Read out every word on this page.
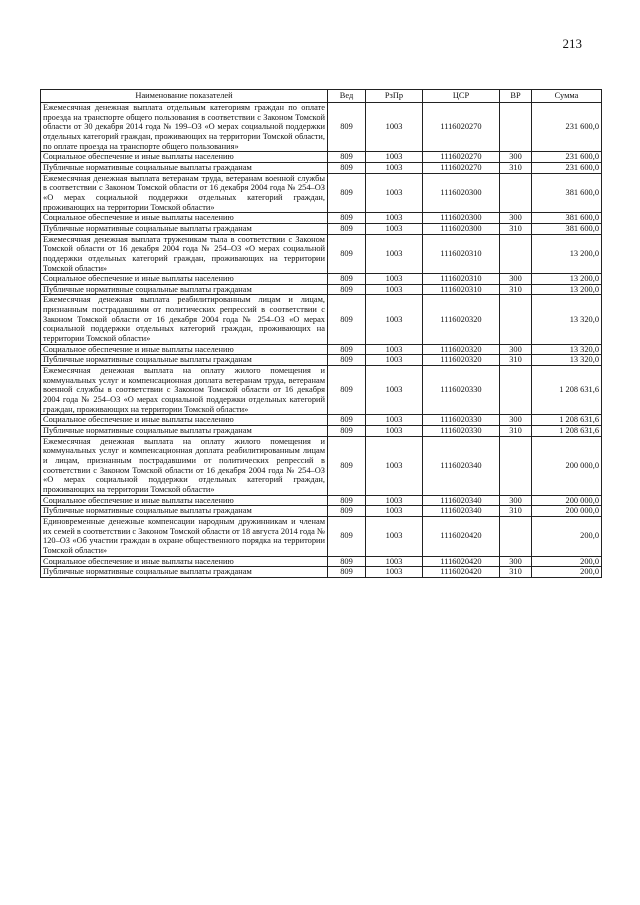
213
Наименование показателей	Вед	РзПр	ЦСР	ВР	Сумма
Ежемесячная денежная выплата отдельным категориям граждан по оплате проезда на транспорте общего пользования в соответствии с Законом Томской области от 30 декабря 2014 года № 199–ОЗ «О мерах социальной поддержки отдельных категорий граждан, проживающих на территории Томской области, по оплате проезда на транспорте общего пользования»	809	1003	1116020270		231 600,0
Социальное обеспечение и иные выплаты населению	809	1003	1116020270	300	231 600,0
Публичные нормативные социальные выплаты гражданам	809	1003	1116020270	310	231 600,0
Ежемесячная денежная выплата ветеранам труда, ветеранам военной службы в соответствии с Законом Томской области от 16 декабря 2004 года № 254–ОЗ «О мерах социальной поддержки отдельных категорий граждан, проживающих на территории Томской области»	809	1003	1116020300		381 600,0
Социальное обеспечение и иные выплаты населению	809	1003	1116020300	300	381 600,0
Публичные нормативные социальные выплаты гражданам	809	1003	1116020300	310	381 600,0
Ежемесячная денежная выплата труженикам тыла в соответствии с Законом Томской области от 16 декабря 2004 года № 254–ОЗ «О мерах социальной поддержки отдельных категорий граждан, проживающих на территории Томской области»	809	1003	1116020310		13 200,0
Социальное обеспечение и иные выплаты населению	809	1003	1116020310	300	13 200,0
Публичные нормативные социальные выплаты гражданам	809	1003	1116020310	310	13 200,0
Ежемесячная денежная выплата реабилитированным лицам и лицам, признанным пострадавшими от политических репрессий в соответствии с Законом Томской области от 16 декабря 2004 года № 254–ОЗ «О мерах социальной поддержки отдельных категорий граждан, проживающих на территории Томской области»	809	1003	1116020320		13 320,0
Социальное обеспечение и иные выплаты населению	809	1003	1116020320	300	13 320,0
Публичные нормативные социальные выплаты гражданам	809	1003	1116020320	310	13 320,0
Ежемесячная денежная выплата на оплату жилого помещения и коммунальных услуг и компенсационная доплата ветеранам труда, ветеранам военной службы в соответствии с Законом Томской области от 16 декабря 2004 года № 254–ОЗ «О мерах социальной поддержки отдельных категорий граждан, проживающих на территории Томской области»	809	1003	1116020330		1 208 631,6
Социальное обеспечение и иные выплаты населению	809	1003	1116020330	300	1 208 631,6
Публичные нормативные социальные выплаты гражданам	809	1003	1116020330	310	1 208 631,6
Ежемесячная денежная выплата на оплату жилого помещения и коммунальных услуг и компенсационная доплата реабилитированным лицам и лицам, признанным пострадавшими от политических репрессий в соответствии с Законом Томской области от 16 декабря 2004 года № 254–ОЗ «О мерах социальной поддержки отдельных категорий граждан, проживающих на территории Томской области»	809	1003	1116020340		200 000,0
Социальное обеспечение и иные выплаты населению	809	1003	1116020340	300	200 000,0
Публичные нормативные социальные выплаты гражданам	809	1003	1116020340	310	200 000,0
Единовременные денежные компенсации народным дружинникам и членам их семей в соответствии с Законом Томской области от 18 августа 2014 года № 120–ОЗ «Об участии граждан в охране общественного порядка на территории Томской области»	809	1003	1116020420		200,0
Социальное обеспечение и иные выплаты населению	809	1003	1116020420	300	200,0
Публичные нормативные социальные выплаты гражданам	809	1003	1116020420	310	200,0
